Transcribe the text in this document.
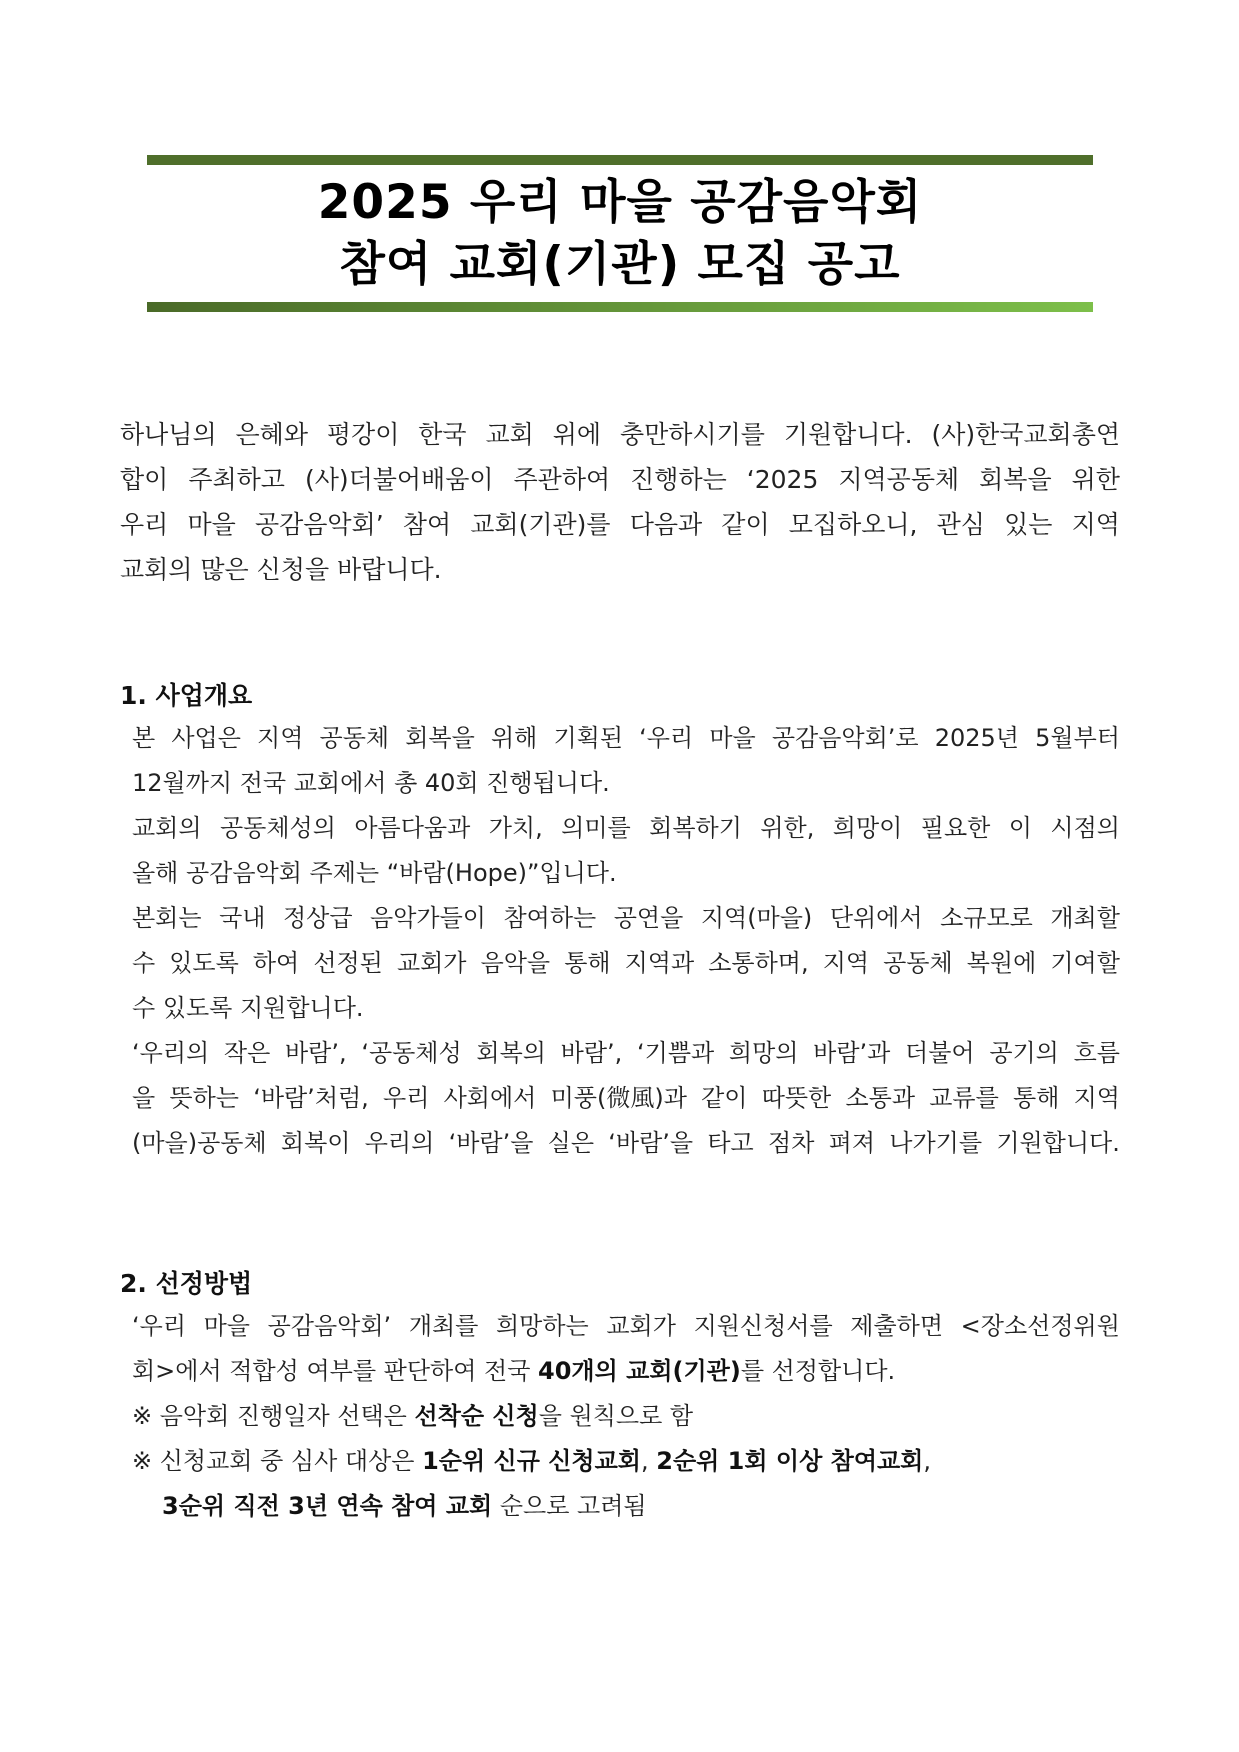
2025 우리 마을 공감음악회
참여 교회(기관) 모집 공고
하나님의 은혜와 평강이 한국 교회 위에 충만하시기를 기원합니다. (사)한국교회총연
합이 주최하고 (사)더불어배움이 주관하여 진행하는 ‘2025 지역공동체 회복을 위한
우리 마을 공감음악회’ 참여 교회(기관)를 다음과 같이 모집하오니, 관심 있는 지역
교회의 많은 신청을 바랍니다.
1. 사업개요
본 사업은 지역 공동체 회복을 위해 기획된 ‘우리 마을 공감음악회’로 2025년 5월부터
12월까지 전국 교회에서 총 40회 진행됩니다.
교회의 공동체성의 아름다움과 가치, 의미를 회복하기 위한, 희망이 필요한 이 시점의
올해 공감음악회 주제는 “바람(Hope)”입니다.
본회는 국내 정상급 음악가들이 참여하는 공연을 지역(마을) 단위에서 소규모로 개최할
수 있도록 하여 선정된 교회가 음악을 통해 지역과 소통하며, 지역 공동체 복원에 기여할
수 있도록 지원합니다.
‘우리의 작은 바람’, ‘공동체성 회복의 바람’, ‘기쁨과 희망의 바람’과 더불어 공기의 흐름
을 뜻하는 ‘바람’처럼, 우리 사회에서 미풍(微風)과 같이 따뜻한 소통과 교류를 통해 지역
(마을)공동체 회복이 우리의 ‘바람’을 실은 ‘바람’을 타고 점차 펴져 나가기를 기원합니다.
2. 선정방법
‘우리 마을 공감음악회’ 개최를 희망하는 교회가 지원신청서를 제출하면 <장소선정위원
회>에서 적합성 여부를 판단하여 전국 40개의 교회(기관)를 선정합니다.
※ 음악회 진행일자 선택은 선착순 신청을 원칙으로 함
※ 신청교회 중 심사 대상은 1순위 신규 신청교회, 2순위 1회 이상 참여교회,
3순위 직전 3년 연속 참여 교회 순으로 고려됨
